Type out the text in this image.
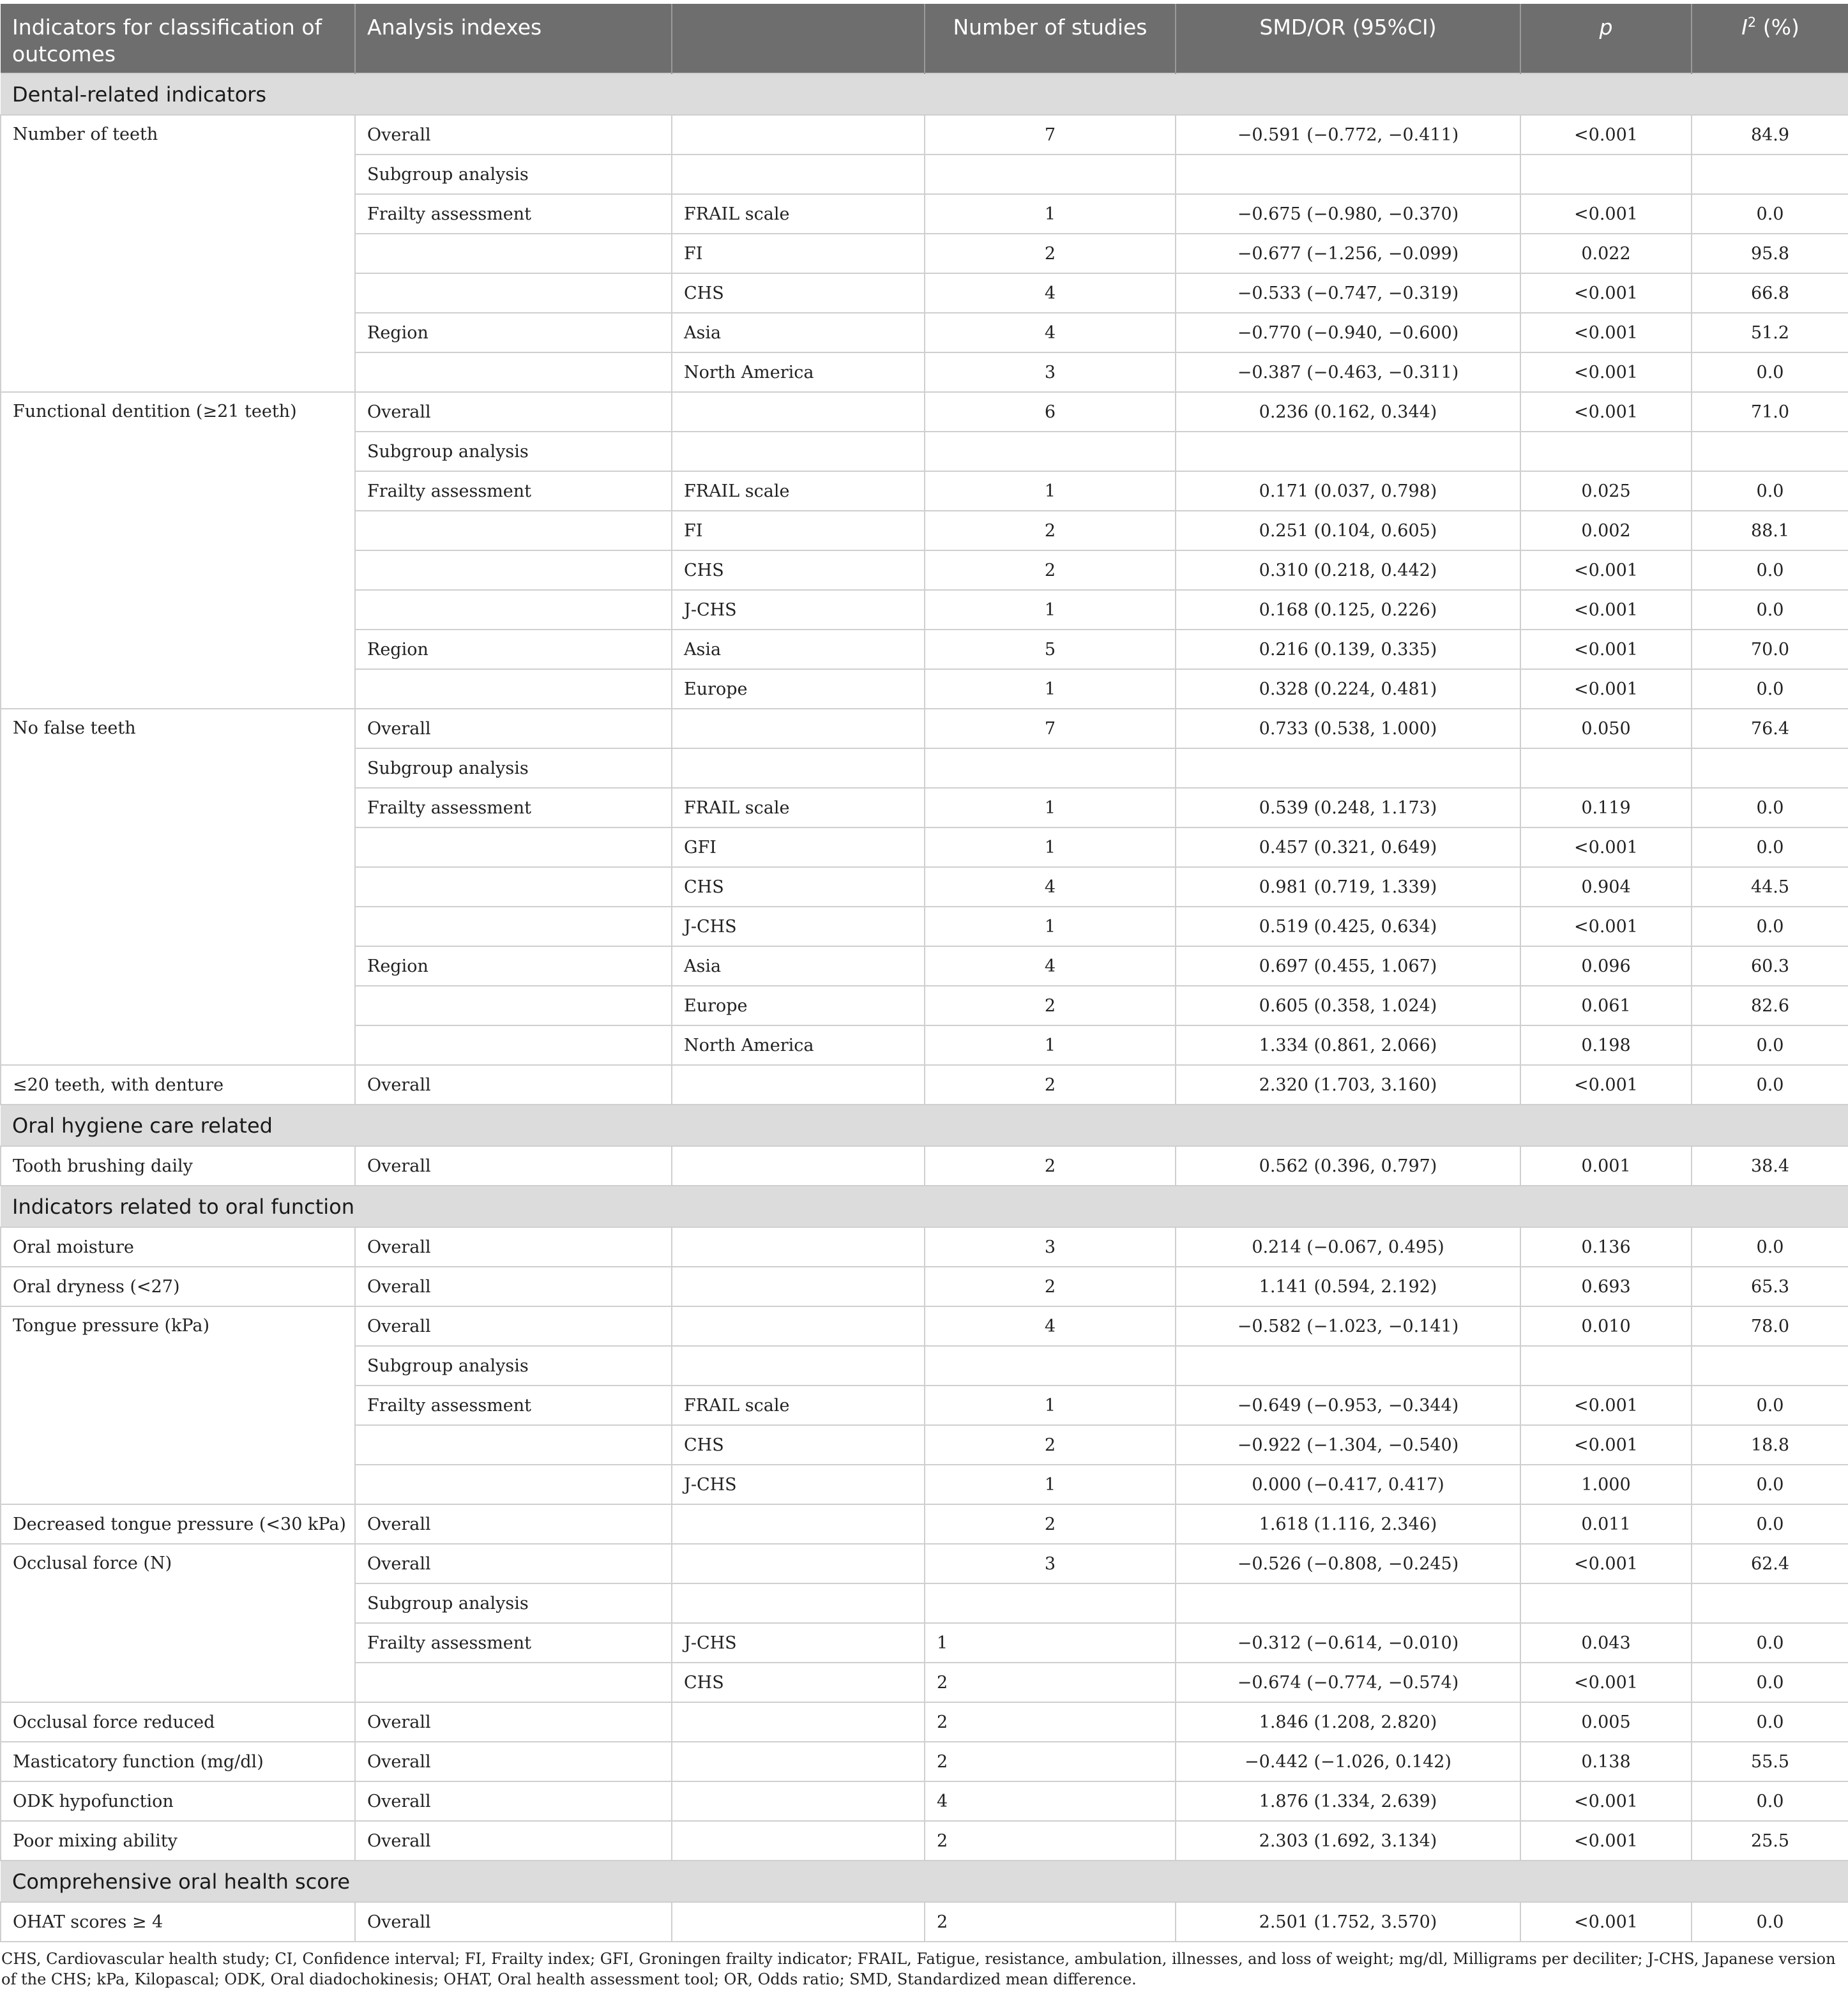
Indicators for classification of outcomes	Analysis indexes		Number of studies	SMD/OR (95%CI)	p	$I^2$ (%)
Dental-related indicators						
Number of teeth	Overall		7	−0.591 (−0.772, −0.411)	<0.001	84.9
	Subgroup analysis					
	Frailty assessment	FRAIL scale	1	−0.675 (−0.980, −0.370)	<0.001	0.0
		FI	2	−0.677 (−1.256, −0.099)	0.022	95.8
		CHS	4	−0.533 (−0.747, −0.319)	<0.001	66.8
	Region	Asia	4	−0.770 (−0.940, −0.600)	<0.001	51.2
		North America	3	−0.387 (−0.463, −0.311)	<0.001	0.0
Functional dentition (≥21 teeth)	Overall		6	0.236 (0.162, 0.344)	<0.001	71.0
	Subgroup analysis					
	Frailty assessment	FRAIL scale	1	0.171 (0.037, 0.798)	0.025	0.0
		FI	2	0.251 (0.104, 0.605)	0.002	88.1
		CHS	2	0.310 (0.218, 0.442)	<0.001	0.0
		J-CHS	1	0.168 (0.125, 0.226)	<0.001	0.0
	Region	Asia	5	0.216 (0.139, 0.335)	<0.001	70.0
		Europe	1	0.328 (0.224, 0.481)	<0.001	0.0
No false teeth	Overall		7	0.733 (0.538, 1.000)	0.050	76.4
	Subgroup analysis					
	Frailty assessment	FRAIL scale	1	0.539 (0.248, 1.173)	0.119	0.0
		GFI	1	0.457 (0.321, 0.649)	<0.001	0.0
		CHS	4	0.981 (0.719, 1.339)	0.904	44.5
		J-CHS	1	0.519 (0.425, 0.634)	<0.001	0.0
	Region	Asia	4	0.697 (0.455, 1.067)	0.096	60.3
		Europe	2	0.605 (0.358, 1.024)	0.061	82.6
		North America	1	1.334 (0.861, 2.066)	0.198	0.0
≤20 teeth, with denture	Overall		2	2.320 (1.703, 3.160)	<0.001	0.0
Oral hygiene care related						
Tooth brushing daily	Overall		2	0.562 (0.396, 0.797)	0.001	38.4
Indicators related to oral function						
Oral moisture	Overall		3	0.214 (−0.067, 0.495)	0.136	0.0
Oral dryness (<27)	Overall		2	1.141 (0.594, 2.192)	0.693	65.3
Tongue pressure (kPa)	Overall		4	−0.582 (−1.023, −0.141)	0.010	78.0
	Subgroup analysis					
	Frailty assessment	FRAIL scale	1	−0.649 (−0.953, −0.344)	<0.001	0.0
		CHS	2	−0.922 (−1.304, −0.540)	<0.001	18.8
		J-CHS	1	0.000 (−0.417, 0.417)	1.000	0.0
Decreased tongue pressure (<30 kPa)	Overall		2	1.618 (1.116, 2.346)	0.011	0.0
Occlusal force (N)	Overall		3	−0.526 (−0.808, −0.245)	<0.001	62.4
	Subgroup analysis					
	Frailty assessment	J-CHS	1	−0.312 (−0.614, −0.010)	0.043	0.0
		CHS	2	−0.674 (−0.774, −0.574)	<0.001	0.0
Occlusal force reduced	Overall		2	1.846 (1.208, 2.820)	0.005	0.0
Masticatory function (mg/dl)	Overall		2	−0.442 (−1.026, 0.142)	0.138	55.5
ODK hypofunction	Overall		4	1.876 (1.334, 2.639)	<0.001	0.0
Poor mixing ability	Overall		2	2.303 (1.692, 3.134)	<0.001	25.5
Comprehensive oral health score						
OHAT scores ≥ 4	Overall		2	2.501 (1.752, 3.570)	<0.001	0.0
CHS, Cardiovascular health study; CI, Confidence interval; FI, Frailty index; GFI, Groningen frailty indicator; FRAIL, Fatigue, resistance, ambulation, illnesses, and loss of weight; mg/dl, Milligrams per deciliter; J-CHS, Japanese version of the CHS; kPa, Kilopascal; ODK, Oral diadochokinesis; OHAT, Oral health assessment tool; OR, Odds ratio; SMD, Standardized mean difference.
